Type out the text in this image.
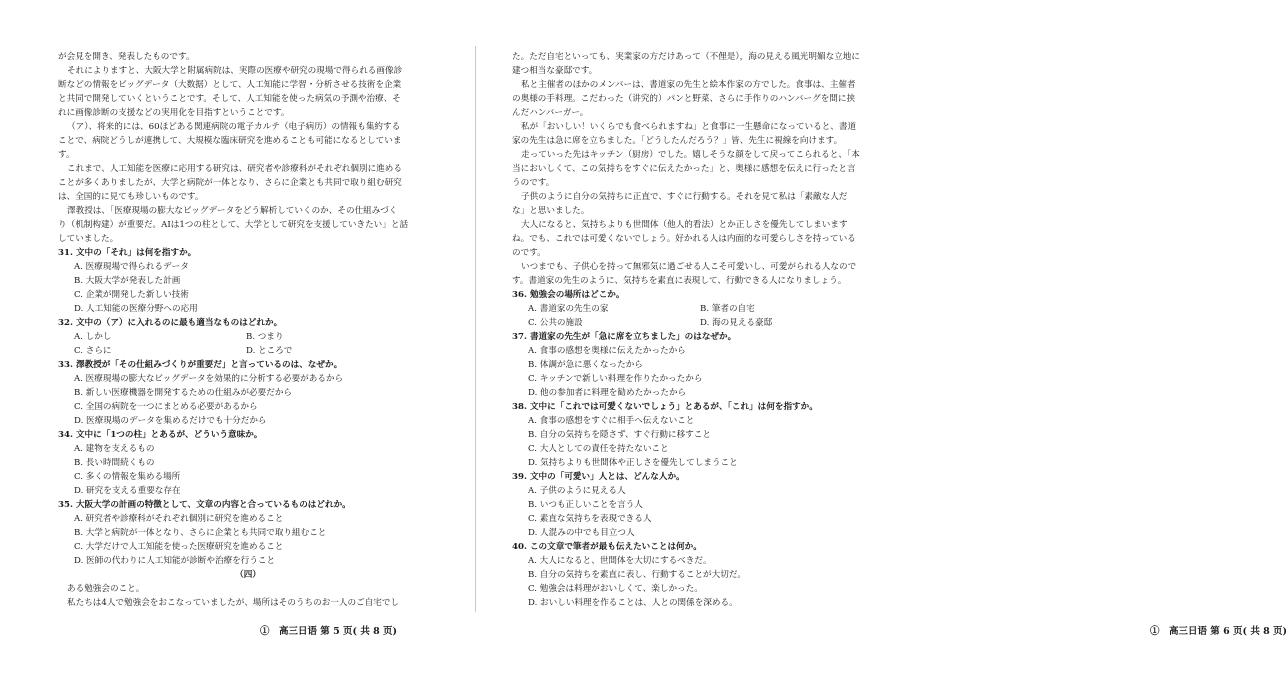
が会見を開き、発表したものです。
それによりますと、大阪大学と附属病院は、実際の医療や研究の現場で得られる画像診
断などの情報をビッグデータ（大数据）として、人工知能に学習・分析させる技術を企業
と共同で開発していくということです。そして、人工知能を使った病気の予測や治療、そ
れに画像診断の支援などの実用化を目指すということです。
（ア）、将来的には、60ほどある関連病院の電子カルテ（电子病历）の情報も集約する
ことで、病院どうしが連携して、大規模な臨床研究を進めることも可能になるとしていま
す。
これまで、人工知能を医療に応用する研究は、研究者や診療科がそれぞれ個別に進める
ことが多くありましたが、大学と病院が一体となり、さらに企業とも共同で取り組む研究
は、全国的に見ても珍しいものです。
澤教授は、「医療現場の膨大なビッグデータをどう解析していくのか、その仕組みづく
り（机制构建）が重要だ。AIは1つの柱として、大学として研究を支援していきたい」と話
していました。
31. 文中の「それ」は何を指すか。
A. 医療現場で得られるデータ
B. 大阪大学が発表した計画
C. 企業が開発した新しい技術
D. 人工知能の医療分野への応用
32. 文中の（ア）に入れるのに最も適当なものはどれか。
A. しかし	B. つまり
C. さらに	D. ところで
33. 澤教授が「その仕組みづくりが重要だ」と言っているのは、なぜか。
A. 医療現場の膨大なビッグデータを効果的に分析する必要があるから
B. 新しい医療機器を開発するための仕組みが必要だから
C. 全国の病院を一つにまとめる必要があるから
D. 医療現場のデータを集めるだけでも十分だから
34. 文中に「1つの柱」とあるが、どういう意味か。
A. 建物を支えるもの
B. 長い時間続くもの
C. 多くの情報を集める場所
D. 研究を支える重要な存在
35. 大阪大学の計画の特徴として、文章の内容と合っているものはどれか。
A. 研究者や診療科がそれぞれ個別に研究を進めること
B. 大学と病院が一体となり、さらに企業とも共同で取り組むこと
C. 大学だけで人工知能を使った医療研究を進めること
D. 医師の代わりに人工知能が診断や治療を行うこと
（四）
ある勉強会のこと。
私たちは4人で勉強会をおこなっていましたが、場所はそのうちのお一人のご自宅でし
①　高三日语 第 5 页( 共 8 页)
た。ただ自宅といっても、実業家の方だけあって（不俚是），海の見える風光明媚な立地に
建つ相当な豪邸です。
私と主催者のほかのメンバーは、書道家の先生と絵本作家の方でした。食事は、主催者
の奥様の手料理。こだわった（讲究的）パンと野菜、さらに手作りのハンバーグを間に挟
んだハンバーガー。
私が「おいしい！いくらでも食べられますね」と食事に一生懸命になっていると、書道
家の先生は急に席を立ちました。「どうしたんだろう？」皆、先生に視線を向けます。
走っていった先はキッチン（厨房）でした。嬉しそうな顔をして戻ってこられると、「本
当においしくて、この気持ちをすぐに伝えたかった」と、奥様に感想を伝えに行ったと言
うのです。
子供のように自分の気持ちに正直で、すぐに行動する。それを見て私は「素敵な人だ
な」と思いました。
大人になると、気持ちよりも世間体（他人的看法）とか正しさを優先してしまいます
ね。でも、これでは可愛くないでしょう。好かれる人は内面的な可愛らしさを持っている
のです。
いつまでも、子供心を持って無邪気に過ごせる人こそ可愛いし、可愛がられる人なので
す。書道家の先生のように、気持ちを素直に表現して、行動できる人になりましょう。
36. 勉強会の場所はどこか。
A. 書道家の先生の家	B. 筆者の自宅
C. 公共の施設	D. 海の見える豪邸
37. 書道家の先生が「急に席を立ちました」のはなぜか。
A. 食事の感想を奥様に伝えたかったから
B. 体調が急に悪くなったから
C. キッチンで新しい料理を作りたかったから
D. 他の参加者に料理を勧めたかったから
38. 文中に「これでは可愛くないでしょう」とあるが、「これ」は何を指すか。
A. 食事の感想をすぐに相手へ伝えないこと
B. 自分の気持ちを隠さず、すぐ行動に移すこと
C. 大人としての責任を持たないこと
D. 気持ちよりも世間体や正しさを優先してしまうこと
39. 文中の「可愛い」人とは、どんな人か。
A. 子供のように見える人
B. いつも正しいことを言う人
C. 素直な気持ちを表現できる人
D. 人混みの中でも目立つ人
40. この文章で筆者が最も伝えたいことは何か。
A. 大人になると、世間体を大切にするべきだ。
B. 自分の気持ちを素直に表し、行動することが大切だ。
C. 勉強会は料理がおいしくて、楽しかった。
D. おいしい料理を作ることは、人との関係を深める。
①　高三日语 第 6 页( 共 8 页)
